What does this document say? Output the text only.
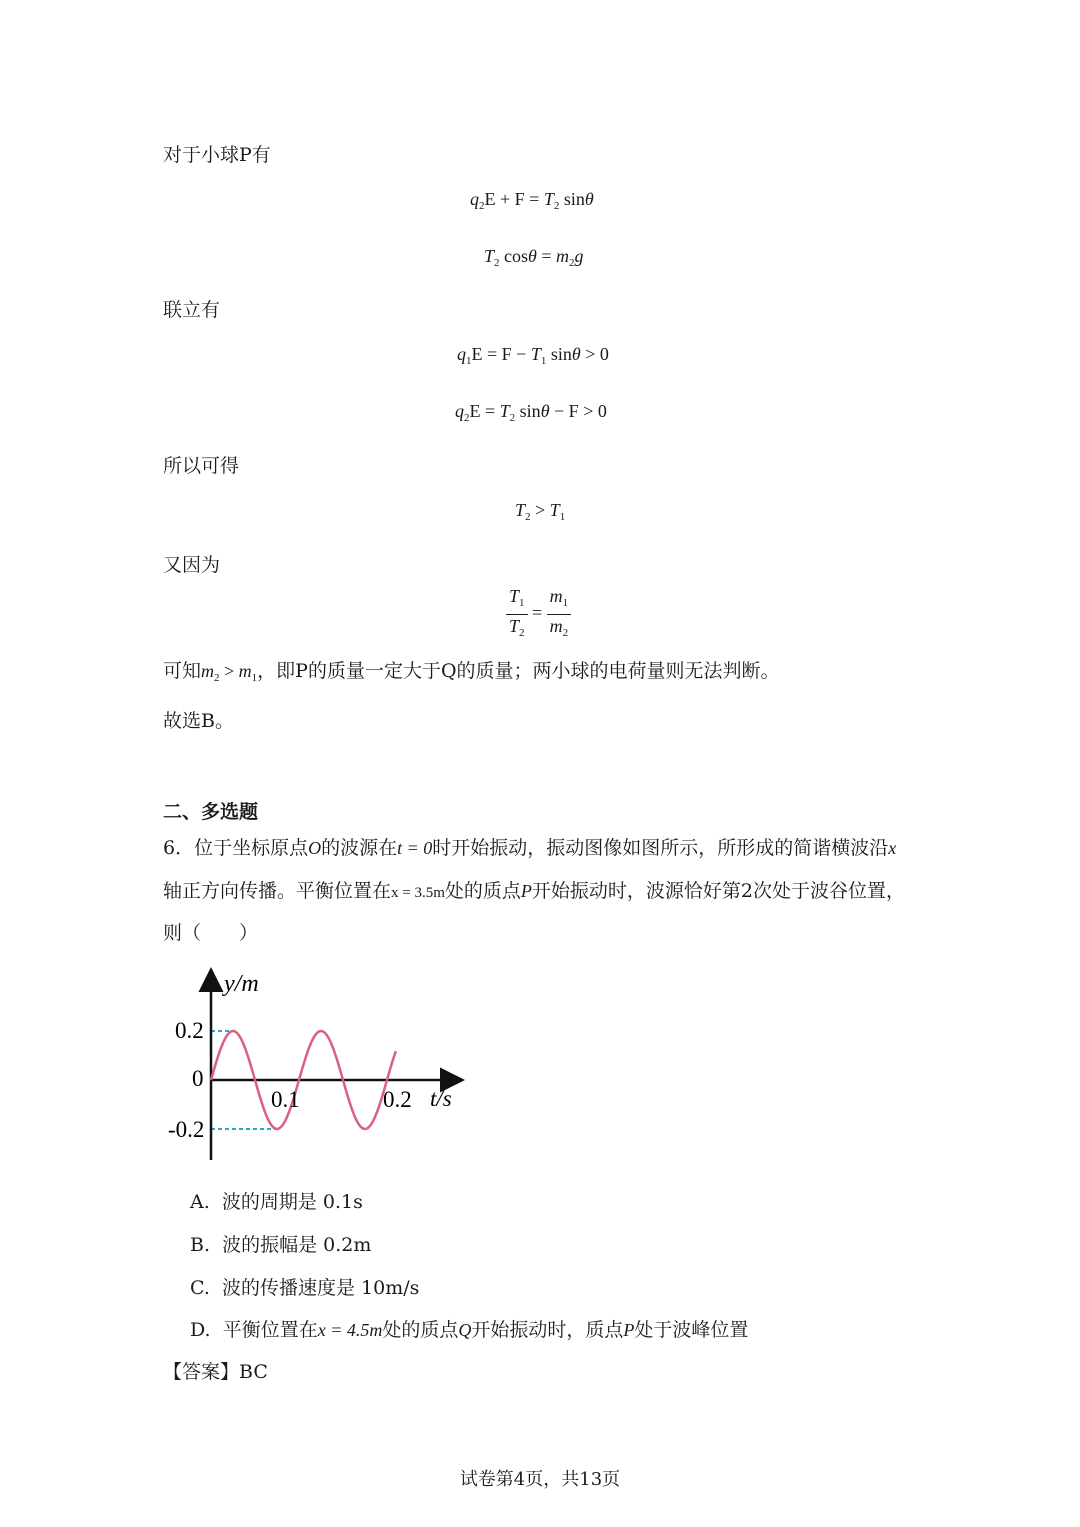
对于小球P有
$q_2E + F = T_2$ sinθ
$T_2$ $\cos\theta = m_2g$
联立有
$q_1E = F - T_1$ sinθ > 0
$q_2E = T_2$ sinθ − F > 0
所以可得
$T_2 > T_1$
又因为
$\frac{T_1}{T_2} = \frac{m_1}{m_2}$
可知$m_2 > m_1$，即P的质量一定大于Q的质量；两小球的电荷量则无法判断。
故选B。
二、多选题
6．位于坐标原点O的波源在t = 0时开始振动，振动图像如图所示，所形成的简谐横波沿x
轴正方向传播。平衡位置在x = 3.5m处的质点P开始振动时，波源恰好第2次处于波谷位置，
则（　　）
y/m
t/s
0.2
0
-0.2
0.1	0.2
A. 波的周期是 0.1s
B. 波的振幅是 0.2m
C. 波的传播速度是 10m/s
D. 平衡位置在x = 4.5m处的质点Q开始振动时，质点P处于波峰位置
【答案】BC
试卷第4页，共13页
